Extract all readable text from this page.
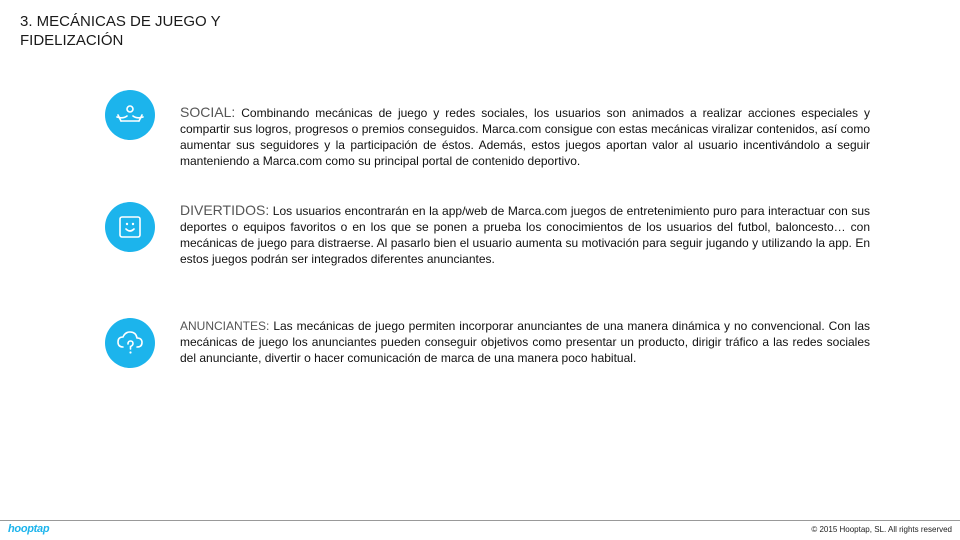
3. MECÁNICAS DE JUEGO Y FIDELIZACIÓN
SOCIAL: Combinando mecánicas de juego y redes sociales, los usuarios son animados a realizar acciones especiales y compartir sus logros, progresos o premios conseguidos. Marca.com consigue con estas mecánicas viralizar contenidos, así como aumentar sus seguidores y la participación de éstos. Además, estos juegos aportan valor al usuario incentivándolo a seguir manteniendo a Marca.com como su principal portal de contenido deportivo.
DIVERTIDOS: Los usuarios encontrarán en la app/web de Marca.com juegos de entretenimiento puro para interactuar con sus deportes o equipos favoritos o en los que se ponen a prueba los conocimientos de los usuarios del futbol, baloncesto… con mecánicas de juego para distraerse. Al pasarlo bien el usuario aumenta su motivación para seguir jugando y utilizando la app. En estos juegos podrán ser integrados diferentes anunciantes.
ANUNCIANTES: Las mecánicas de juego permiten incorporar anunciantes de una manera dinámica y no convencional. Con las mecánicas de juego los anunciantes pueden conseguir objetivos como presentar un producto, dirigir tráfico a las redes sociales del anunciante, divertir o hacer comunicación de marca de una manera poco habitual.
hooptap	© 2015 Hooptap, SL. All rights reserved
